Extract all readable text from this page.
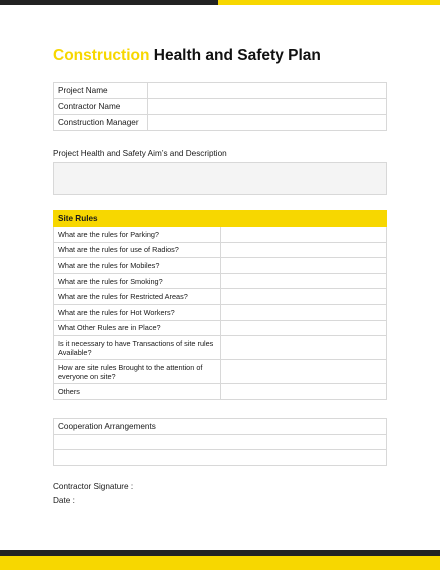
Construction Health and Safety Plan
Project Name	
Contractor Name	
Construction Manager	
Project Health and Safety Aim’s and Description
Site Rules	
What are the rules for Parking?	
What are the rules for use of Radios?	
What are the rules for Mobiles?	
What are the rules for Smoking?	
What are the rules for Restricted Areas?	
What are the rules for Hot Workers?	
What Other Rules are in Place?	
Is it necessary to have Transactions of site rules Available?	
How are site rules Brought to the attention of everyone on site?	
Others	
Cooperation Arrangements

Contractor Signature :
Date :
